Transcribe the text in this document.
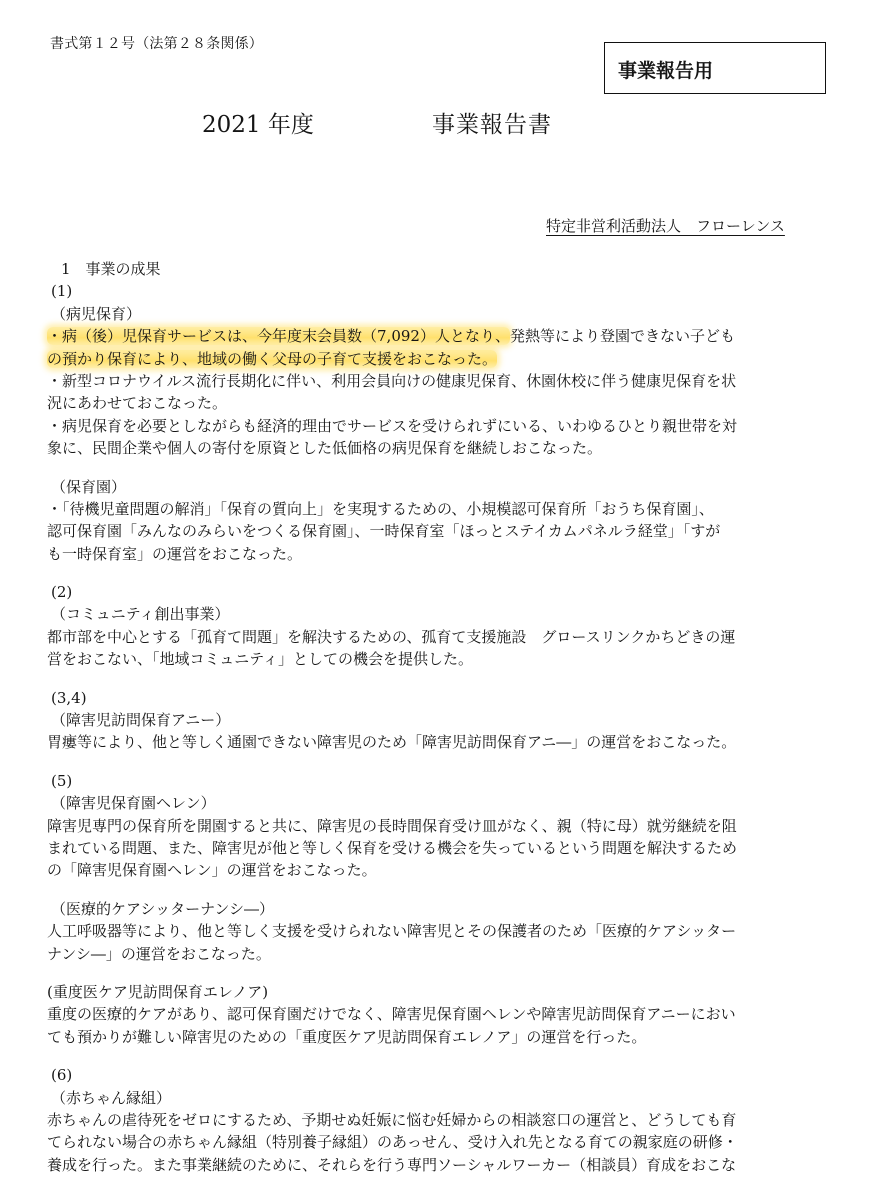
書式第１２号（法第２８条関係）
事業報告用
2021 年度	事業報告書
特定非営利活動法人　フローレンス
1　事業の成果
(1)
（病児保育）
・病（後）児保育サービスは、今年度末会員数（7,092）人となり、発熱等により登園できない子ども
の預かり保育により、地域の働く父母の子育て支援をおこなった。
・新型コロナウイルス流行長期化に伴い、利用会員向けの健康児保育、休園休校に伴う健康児保育を状
況にあわせておこなった。
・病児保育を必要としながらも経済的理由でサービスを受けられずにいる、いわゆるひとり親世帯を対
象に、民間企業や個人の寄付を原資とした低価格の病児保育を継続しおこなった。
（保育園）
・「待機児童問題の解消」「保育の質向上」を実現するための、小規模認可保育所「おうち保育園」、
認可保育園「みんなのみらいをつくる保育園」、一時保育室「ほっとステイカムパネルラ経堂」「すが
も一時保育室」の運営をおこなった。
(2)
（コミュニティ創出事業）
都市部を中心とする「孤育て問題」を解決するための、孤育て支援施設　グロースリンクかちどきの運
営をおこない、「地域コミュニティ」としての機会を提供した。
(3,4)
（障害児訪問保育アニー）
胃瘻等により、他と等しく通園できない障害児のため「障害児訪問保育アニ―」の運営をおこなった。
(5)
（障害児保育園ヘレン）
障害児専門の保育所を開園すると共に、障害児の長時間保育受け皿がなく、親（特に母）就労継続を阻
まれている問題、また、障害児が他と等しく保育を受ける機会を失っているという問題を解決するため
の「障害児保育園ヘレン」の運営をおこなった。
（医療的ケアシッターナンシ―）
人工呼吸器等により、他と等しく支援を受けられない障害児とその保護者のため「医療的ケアシッター
ナンシ―」の運営をおこなった。
(重度医ケア児訪問保育エレノア)
重度の医療的ケアがあり、認可保育園だけでなく、障害児保育園ヘレンや障害児訪問保育アニーにおい
ても預かりが難しい障害児のための「重度医ケア児訪問保育エレノア」の運営を行った。
(6)
（赤ちゃん縁組）
赤ちゃんの虐待死をゼロにするため、予期せぬ妊娠に悩む妊婦からの相談窓口の運営と、どうしても育
てられない場合の赤ちゃん縁組（特別養子縁組）のあっせん、受け入れ先となる育ての親家庭の研修・
養成を行った。また事業継続のために、それらを行う専門ソーシャルワーカー（相談員）育成をおこな
